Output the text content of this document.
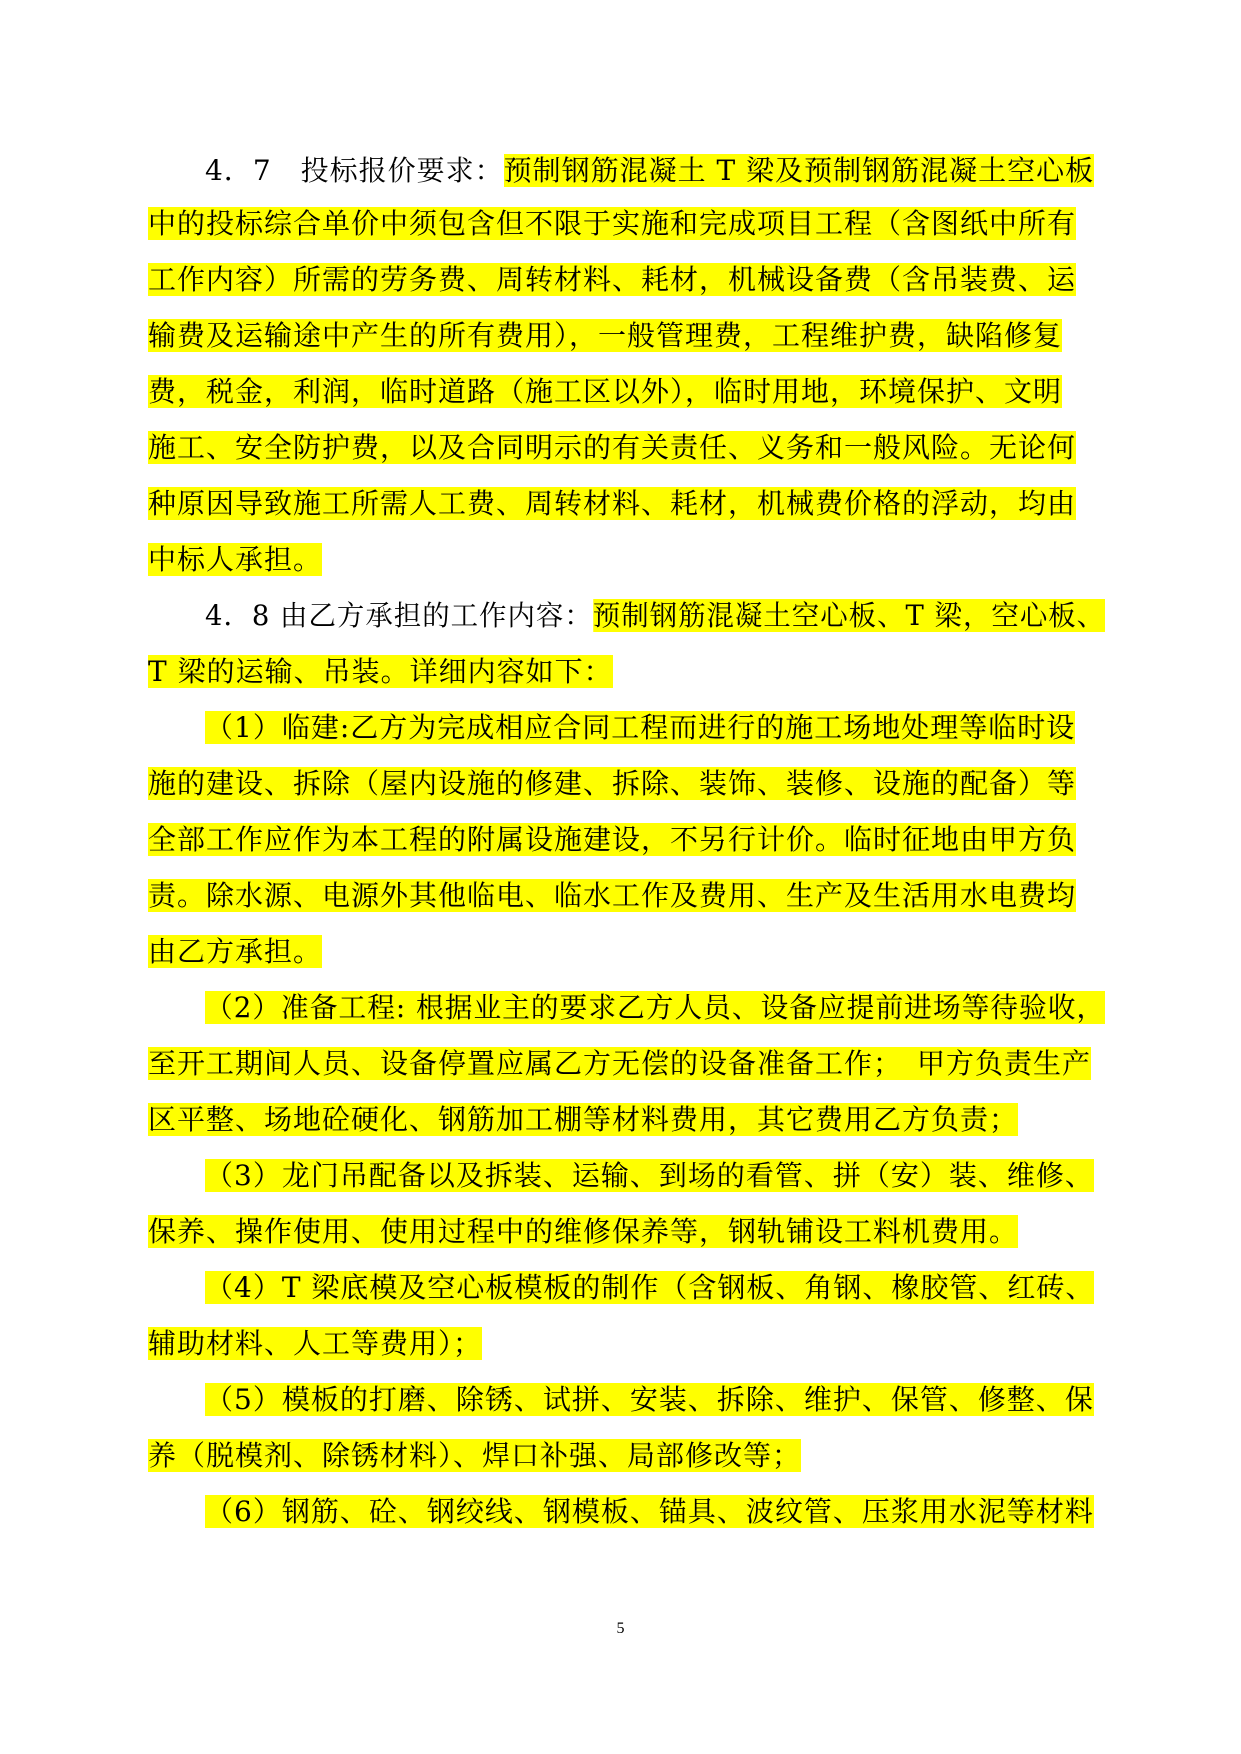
4．7　投标报价要求：预制钢筋混凝土 T 梁及预制钢筋混凝土空心板
中的投标综合单价中须包含但不限于实施和完成项目工程（含图纸中所有
工作内容）所需的劳务费、周转材料、耗材，机械设备费（含吊装费、运
输费及运输途中产生的所有费用），一般管理费，工程维护费，缺陷修复
费，税金，利润，临时道路（施工区以外），临时用地，环境保护、文明
施工、安全防护费，以及合同明示的有关责任、义务和一般风险。无论何
种原因导致施工所需人工费、周转材料、耗材，机械费价格的浮动，均由
中标人承担。
4．8 由乙方承担的工作内容：预制钢筋混凝土空心板、T 梁，空心板、
T 梁的运输、吊装。详细内容如下：
（1）临建:乙方为完成相应合同工程而进行的施工场地处理等临时设
施的建设、拆除（屋内设施的修建、拆除、装饰、装修、设施的配备）等
全部工作应作为本工程的附属设施建设，不另行计价。临时征地由甲方负
责。除水源、电源外其他临电、临水工作及费用、生产及生活用水电费均
由乙方承担。
（2）准备工程: 根据业主的要求乙方人员、设备应提前进场等待验收，
至开工期间人员、设备停置应属乙方无偿的设备准备工作；　甲方负责生产
区平整、场地砼硬化、钢筋加工棚等材料费用，其它费用乙方负责；
（3）龙门吊配备以及拆装、运输、到场的看管、拼（安）装、维修、
保养、操作使用、使用过程中的维修保养等，钢轨铺设工料机费用。
（4）T 梁底模及空心板模板的制作（含钢板、角钢、橡胶管、红砖、
辅助材料、人工等费用）；
（5）模板的打磨、除锈、试拼、安装、拆除、维护、保管、修整、保
养（脱模剂、除锈材料）、焊口补强、局部修改等；
（6）钢筋、砼、钢绞线、钢模板、锚具、波纹管、压浆用水泥等材料
5
